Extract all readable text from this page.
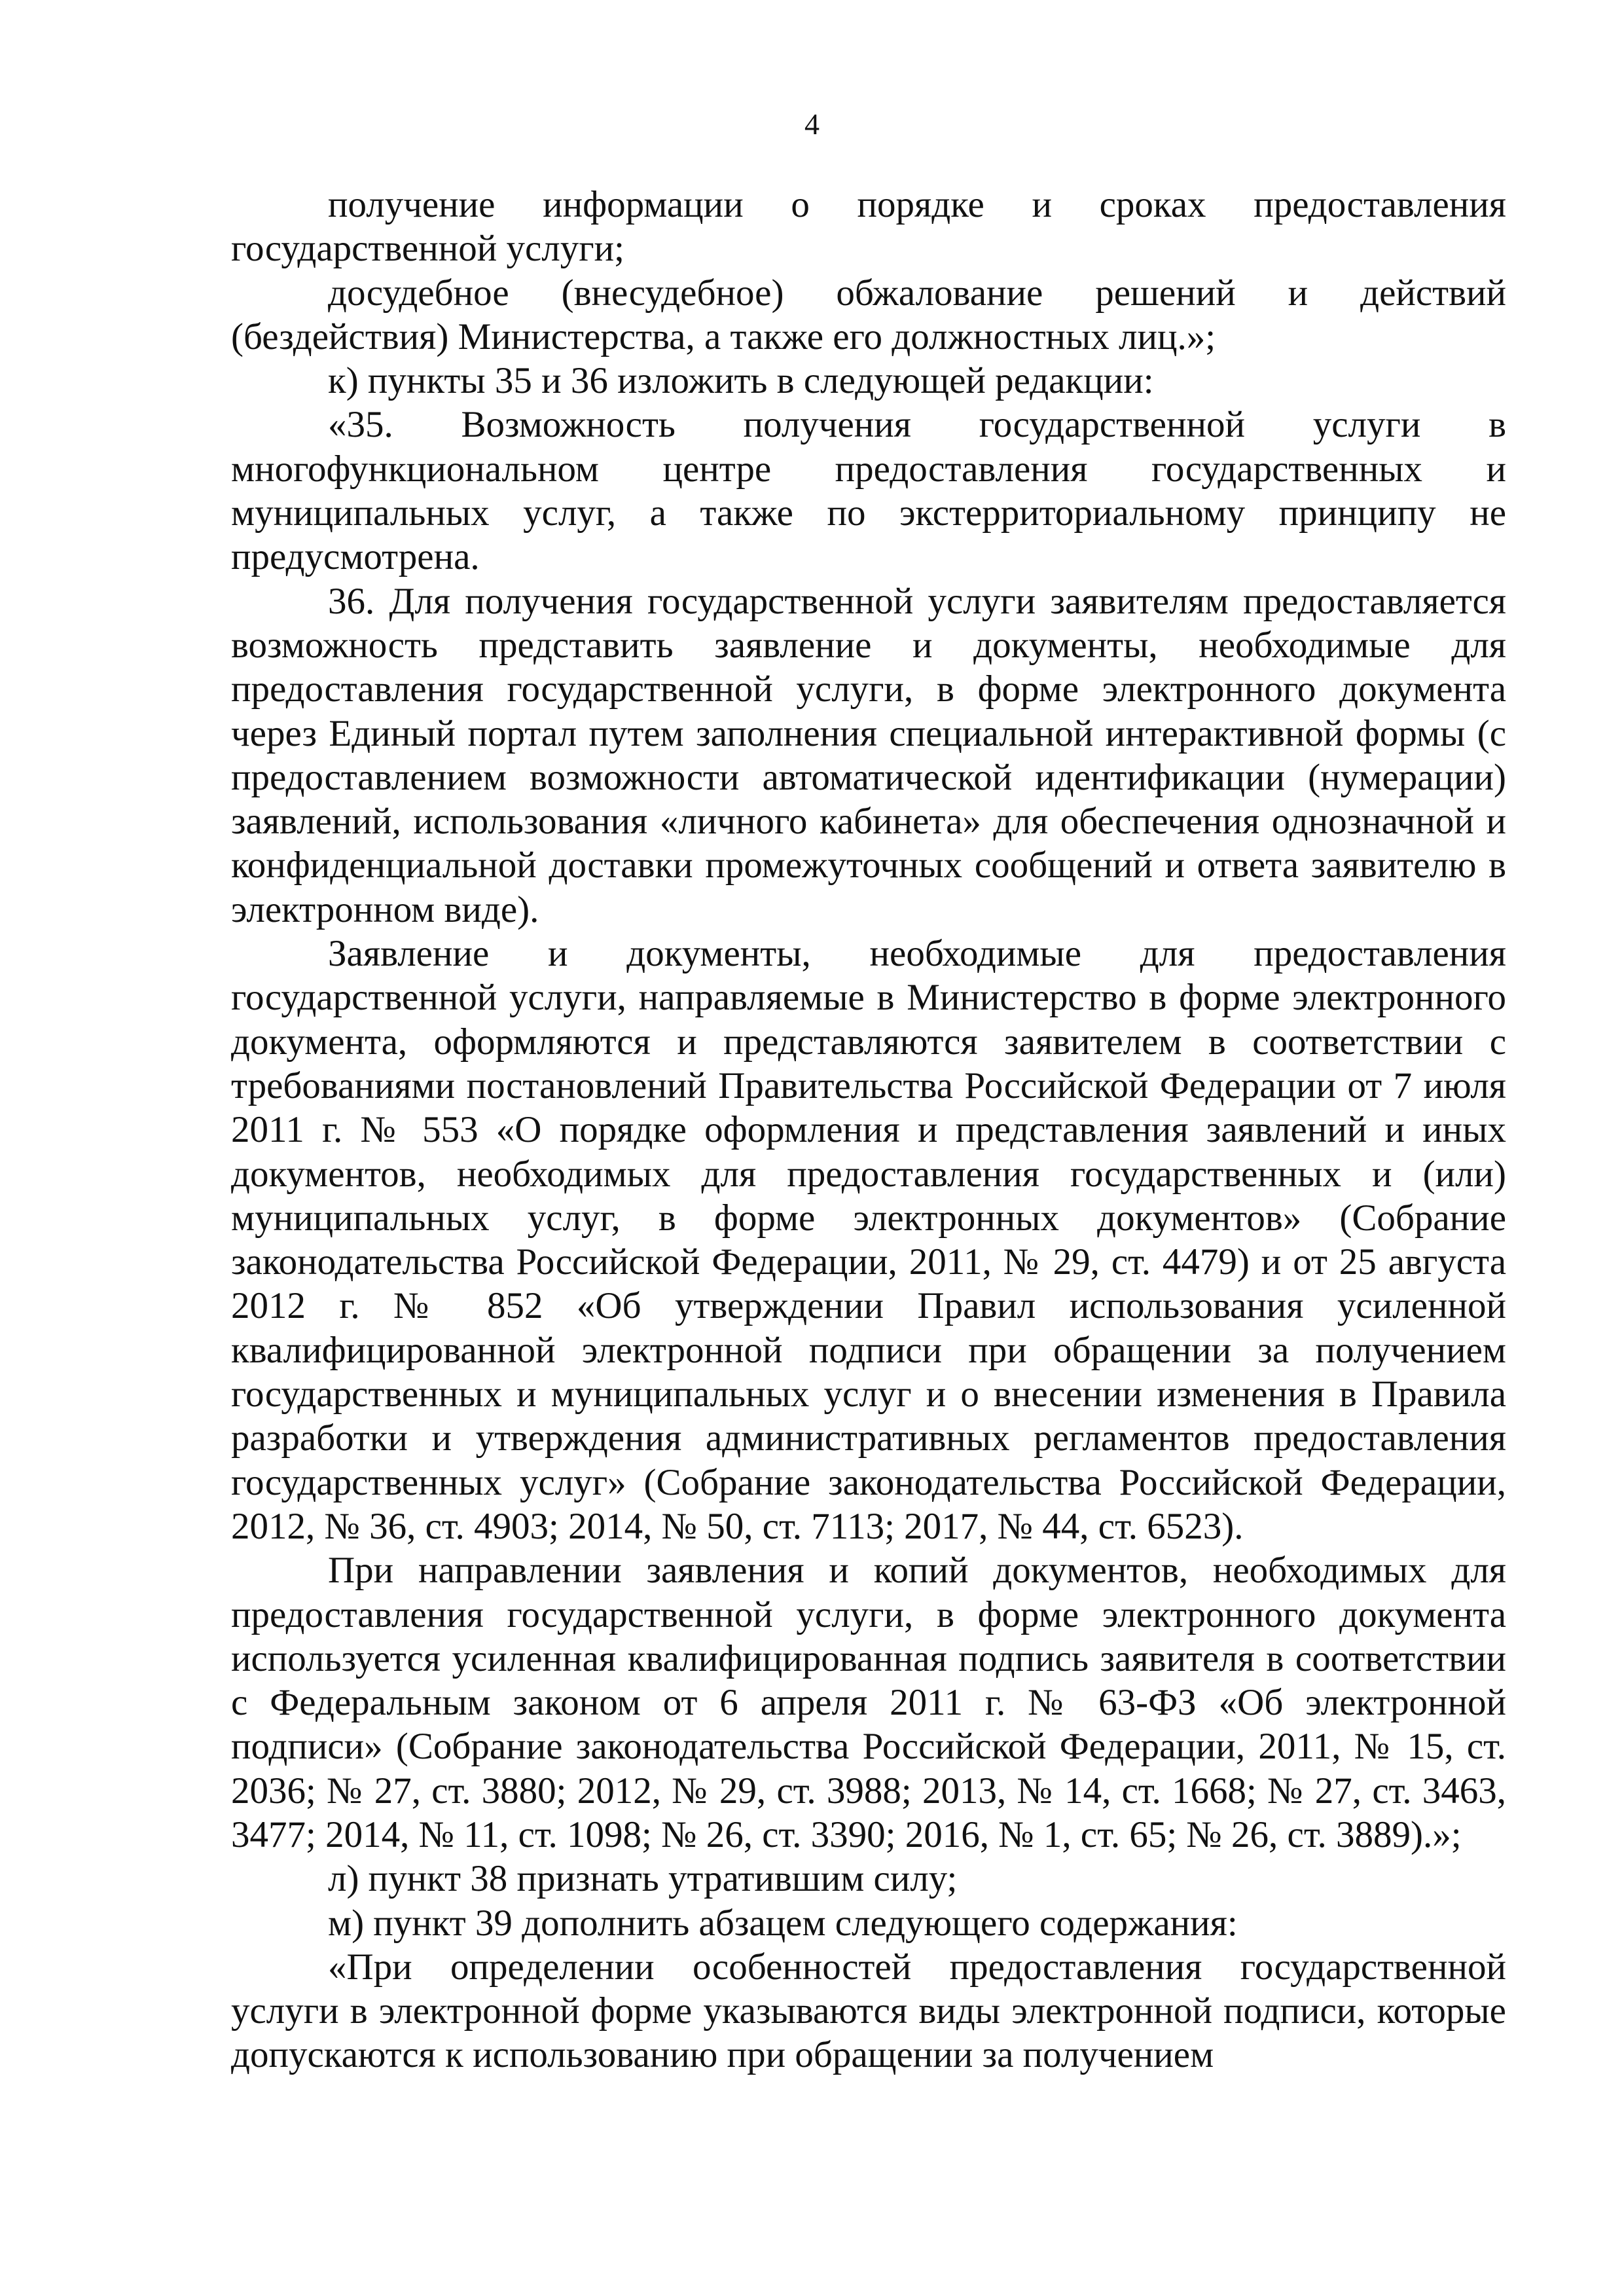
4

получение информации о порядке и сроках предоставления государственной услуги;

досудебное (внесудебное) обжалование решений и действий (бездействия) Министерства, а также его должностных лиц.»;

к) пункты 35 и 36 изложить в следующей редакции:

«35. Возможность получения государственной услуги в многофункциональном центре предоставления государственных и муниципальных услуг, а также по экстерриториальному принципу не предусмотрена.

36. Для получения государственной услуги заявителям предоставляется возможность представить заявление и документы, необходимые для предоставления государственной услуги, в форме электронного документа через Единый портал путем заполнения специальной интерактивной формы (с предоставлением возможности автоматической идентификации (нумерации) заявлений, использования «личного кабинета» для обеспечения однозначной и конфиденциальной доставки промежуточных сообщений и ответа заявителю в электронном виде).

Заявление и документы, необходимые для предоставления государственной услуги, направляемые в Министерство в форме электронного документа, оформляются и представляются заявителем в соответствии с требованиями постановлений Правительства Российской Федерации от 7 июля 2011 г. № 553 «О порядке оформления и представления заявлений и иных документов, необходимых для предоставления государственных и (или) муниципальных услуг, в форме электронных документов» (Собрание законодательства Российской Федерации, 2011, № 29, ст. 4479) и от 25 августа 2012 г. № 852 «Об утверждении Правил использования усиленной квалифицированной электронной подписи при обращении за получением государственных и муниципальных услуг и о внесении изменения в Правила разработки и утверждения административных регламентов предоставления государственных услуг» (Собрание законодательства Российской Федерации, 2012, № 36, ст. 4903; 2014, № 50, ст. 7113; 2017, № 44, ст. 6523).

При направлении заявления и копий документов, необходимых для предоставления государственной услуги, в форме электронного документа используется усиленная квалифицированная подпись заявителя в соответствии с Федеральным законом от 6 апреля 2011 г. № 63-ФЗ «Об электронной подписи» (Собрание законодательства Российской Федерации, 2011, № 15, ст. 2036; № 27, ст. 3880; 2012, № 29, ст. 3988; 2013, № 14, ст. 1668; № 27, ст. 3463, 3477; 2014, № 11, ст. 1098; № 26, ст. 3390; 2016, № 1, ст. 65; № 26, ст. 3889).»;

л) пункт 38 признать утратившим силу;

м) пункт 39 дополнить абзацем следующего содержания:

«При определении особенностей предоставления государственной услуги в электронной форме указываются виды электронной подписи, которые допускаются к использованию при обращении за получением
